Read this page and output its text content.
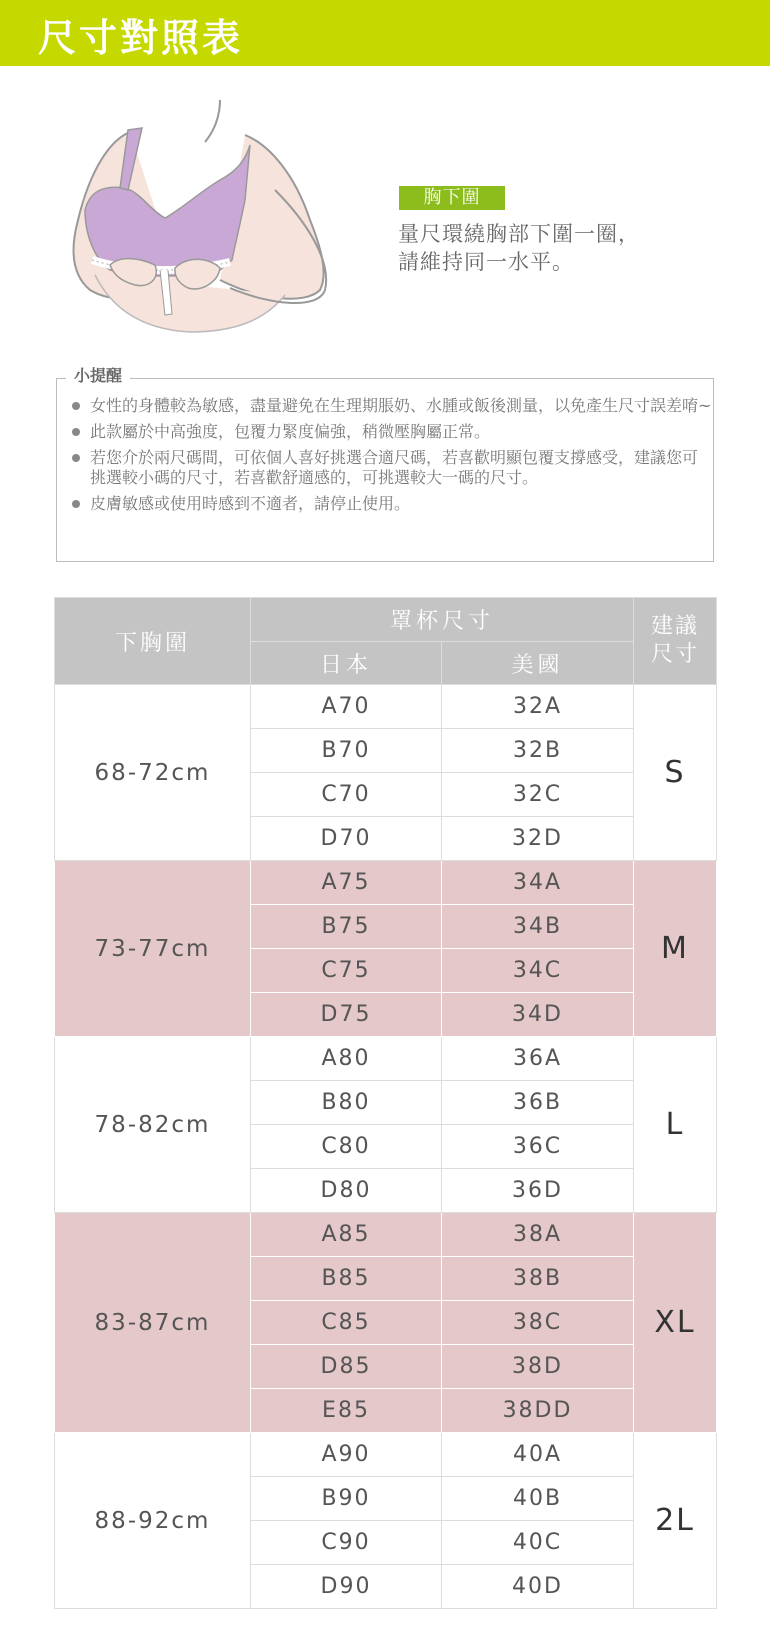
尺寸對照表
胸下圍
量尺環繞胸部下圍一圈，
請維持同一水平。
小提醒
女性的身體較為敏感，盡量避免在生理期脹奶、水腫或飯後測量，以免產生尺寸誤差唷~
此款屬於中高強度，包覆力緊度偏強，稍微壓胸屬正常。
若您介於兩尺碼間，可依個人喜好挑選合適尺碼，若喜歡明顯包覆支撐感受，建議您可挑選較小碼的尺寸，若喜歡舒適感的，可挑選較大一碼的尺寸。
皮膚敏感或使用時感到不適者，請停止使用。
下胸圍	罩杯尺寸		建議
尺寸

	日本	美國	
68-72cm	A70	32A	S
	B70	32B	
	C70	32C	
	D70	32D	
73-77cm	A75	34A	M
	B75	34B	
	C75	34C	
	D75	34D	
78-82cm	A80	36A	L
	B80	36B	
	C80	36C	
	D80	36D	
83-87cm	A85	38A	XL
	B85	38B	
	C85	38C	
	D85	38D	
	E85	38DD	
88-92cm	A90	40A	2L
	B90	40B	
	C90	40C	
	D90	40D	
